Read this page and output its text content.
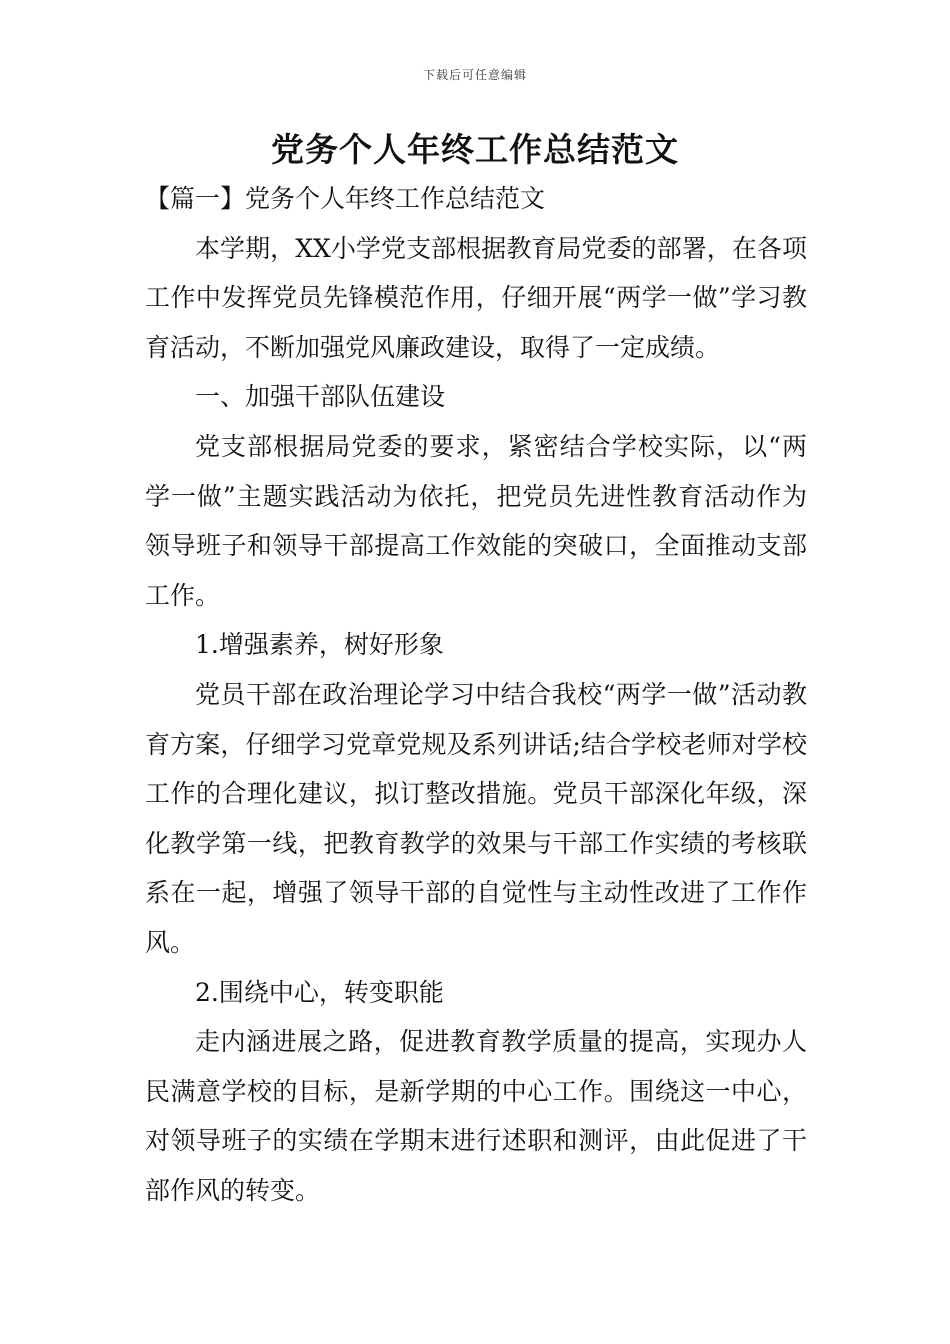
下载后可任意编辑
党务个人年终工作总结范文

【篇一】党务个人年终工作总结范文

本学期，XX小学党支部根据教育局党委的部署，在各项工作中发挥党员先锋模范作用，仔细开展“两学一做”学习教育活动，不断加强党风廉政建设，取得了一定成绩。

一、加强干部队伍建设

党支部根据局党委的要求，紧密结合学校实际，以“两学一做”主题实践活动为依托，把党员先进性教育活动作为领导班子和领导干部提高工作效能的突破口，全面推动支部工作。

1.增强素养，树好形象

党员干部在政治理论学习中结合我校“两学一做”活动教育方案，仔细学习党章党规及系列讲话;结合学校老师对学校工作的合理化建议，拟订整改措施。党员干部深化年级，深化教学第一线，把教育教学的效果与干部工作实绩的考核联系在一起，增强了领导干部的自觉性与主动性改进了工作作风。

2.围绕中心，转变职能

走内涵进展之路，促进教育教学质量的提高，实现办人民满意学校的目标，是新学期的中心工作。围绕这一中心，对领导班子的实绩在学期末进行述职和测评，由此促进了干部作风的转变。
